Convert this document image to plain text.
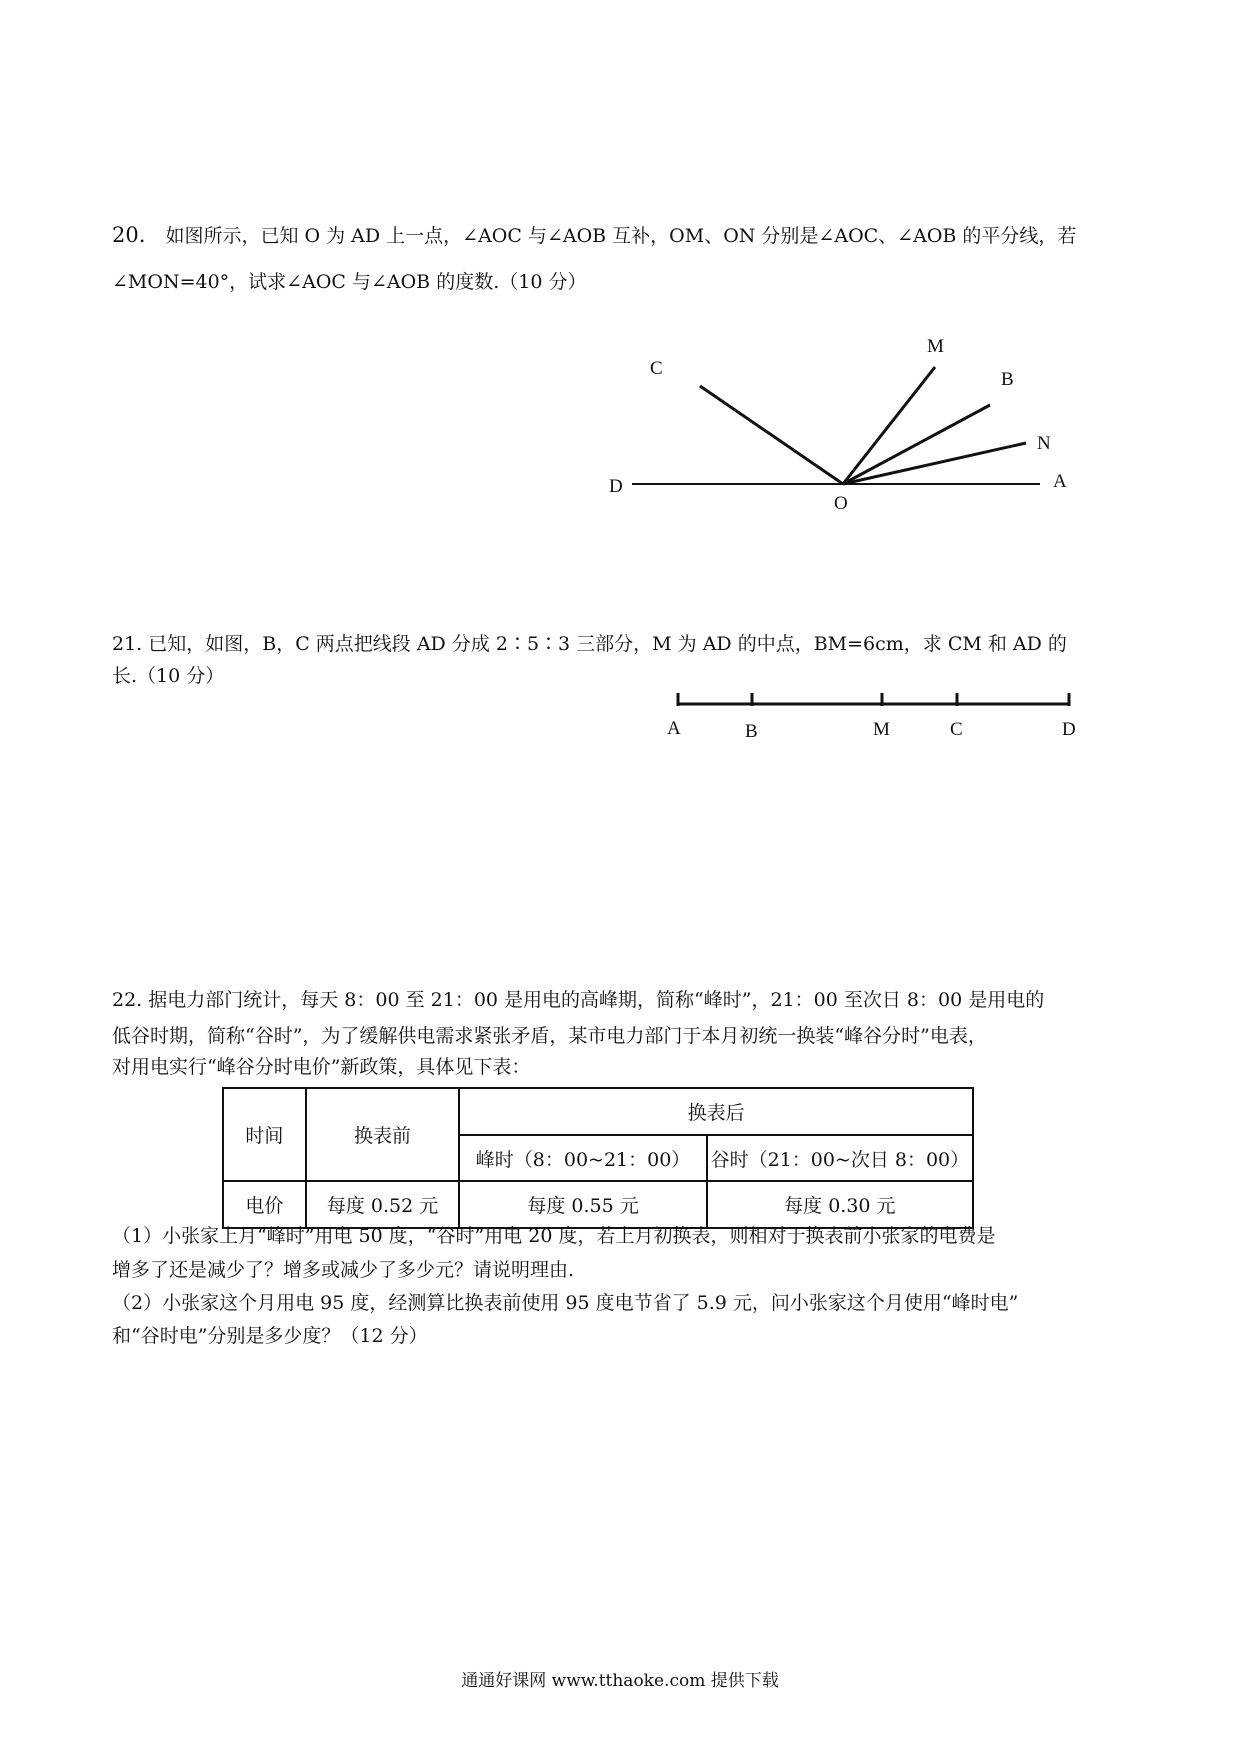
20. 如图所示，已知 O 为 AD 上一点，∠AOC 与∠AOB 互补，OM、ON 分别是∠AOC、∠AOB 的平分线，若
∠MON=40°，试求∠AOC 与∠AOB 的度数.（10 分）
C
M
B
N
D	A
O
21. 已知，如图，B，C 两点把线段 AD 分成 2∶5∶3 三部分，M 为 AD 的中点，BM=6cm，求 CM 和 AD 的
长.（10 分）
A	B	M	C	D
22. 据电力部门统计，每天 8：00 至 21：00 是用电的高峰期，简称“峰时”，21：00 至次日 8：00 是用电的
低谷时期，简称“谷时”，为了缓解供电需求紧张矛盾，某市电力部门于本月初统一换装“峰谷分时”电表，
对用电实行“峰谷分时电价”新政策，具体见下表：
时间	换表前	换表后	
		峰时（8：00~21：00）	谷时（21：00~次日 8：00）
电价	每度 0.52 元	每度 0.55 元	每度 0.30 元
（1）小张家上月“峰时”用电 50 度，“谷时”用电 20 度，若上月初换表，则相对于换表前小张家的电费是
增多了还是减少了？增多或减少了多少元？请说明理由.
（2）小张家这个月用电 95 度，经测算比换表前使用 95 度电节省了 5.9 元，问小张家这个月使用“峰时电”
和“谷时电”分别是多少度？（12 分）
通通好课网 www.tthaoke.com 提供下载
